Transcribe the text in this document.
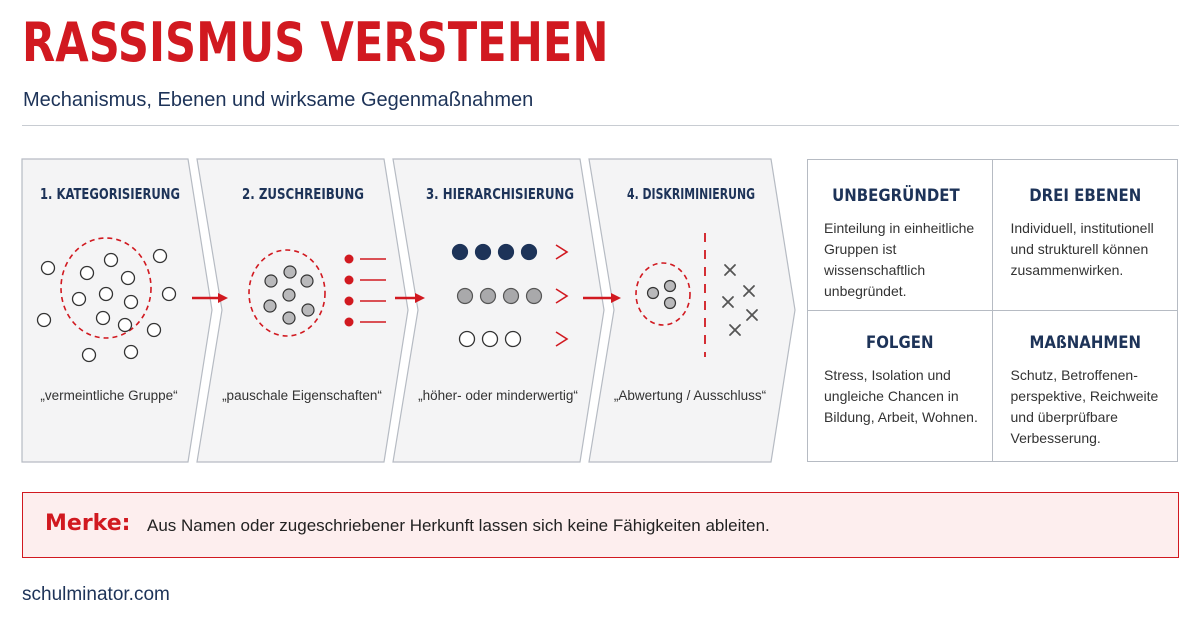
RASSISMUS VERSTEHEN
Mechanismus, Ebenen und wirksame Gegenmaßnahmen
1. KATEGORISIERUNG	2. ZUSCHREIBUNG	3. HIERARCHISIERUNG	4. DISKRIMINIERUNG
„vermeintliche Gruppe“	„pauschale Eigenschaften“	„höher- oder minderwertig“	„Abwertung / Ausschluss“
UNBEGRÜNDET
Einteilung in einheitliche Gruppen ist wissenschaftlich unbegründet.
DREI EBENEN
Individuell, institutionell und strukturell können zusammenwirken.
FOLGEN
Stress, Isolation und ungleiche Chancen in Bildung, Arbeit, Wohnen.
MAßNAHMEN
Schutz, Betroffenen-perspektive, Reichweite und überprüfbare Verbesserung.
Merke: Aus Namen oder zugeschriebener Herkunft lassen sich keine Fähigkeiten ableiten.
schulminator.com
